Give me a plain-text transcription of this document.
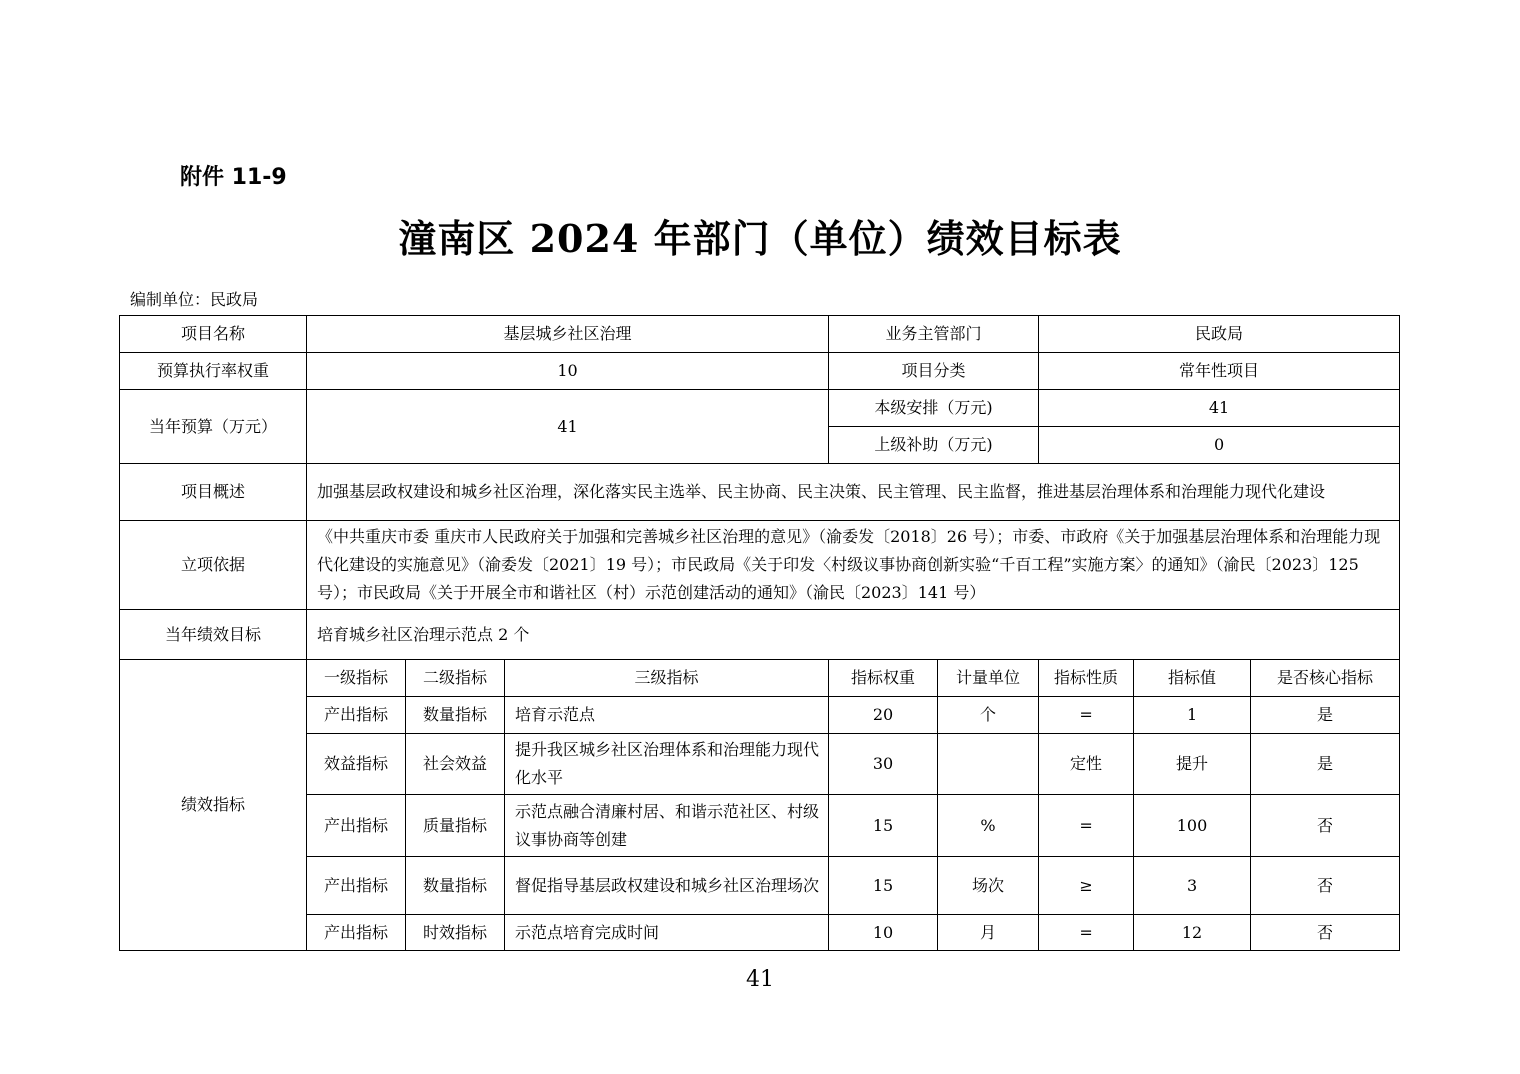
附件 11-9
潼南区 2024 年部门（单位）绩效目标表
编制单位：民政局
项目名称	基层城乡社区治理			业务主管部门		民政局		
预算执行率权重	10			项目分类		常年性项目		
当年预算（万元）	41			本级安排（万元)		41		
				上级补助（万元)		0		
项目概述	加强基层政权建设和城乡社区治理，深化落实民主选举、民主协商、民主决策、民主管理、民主监督，推进基层治理体系和治理能力现代化建设							
立项依据	《中共重庆市委 重庆市人民政府关于加强和完善城乡社区治理的意见》（渝委发〔2018〕26 号）；市委、市政府《关于加强基层治理体系和治理能力现代化建设的实施意见》（渝委发〔2021〕19 号）；市民政局《关于印发〈村级议事协商创新实验“千百工程”实施方案〉的通知》（渝民〔2023〕125 号）；市民政局《关于开展全市和谐社区（村）示范创建活动的通知》（渝民〔2023〕141 号）							
当年绩效目标	培育城乡社区治理示范点 2 个							
绩效指标	一级指标	二级指标	三级指标	指标权重	计量单位	指标性质	指标值	是否核心指标
	产出指标	数量指标	培育示范点	20	个	=	1	是
	效益指标	社会效益	提升我区城乡社区治理体系和治理能力现代化水平	30		定性	提升	是
	产出指标	质量指标	示范点融合清廉村居、和谐示范社区、村级议事协商等创建	15	%	=	100	否
	产出指标	数量指标	督促指导基层政权建设和城乡社区治理场次	15	场次	≥	3	否
	产出指标	时效指标	示范点培育完成时间	10	月	=	12	否
41
